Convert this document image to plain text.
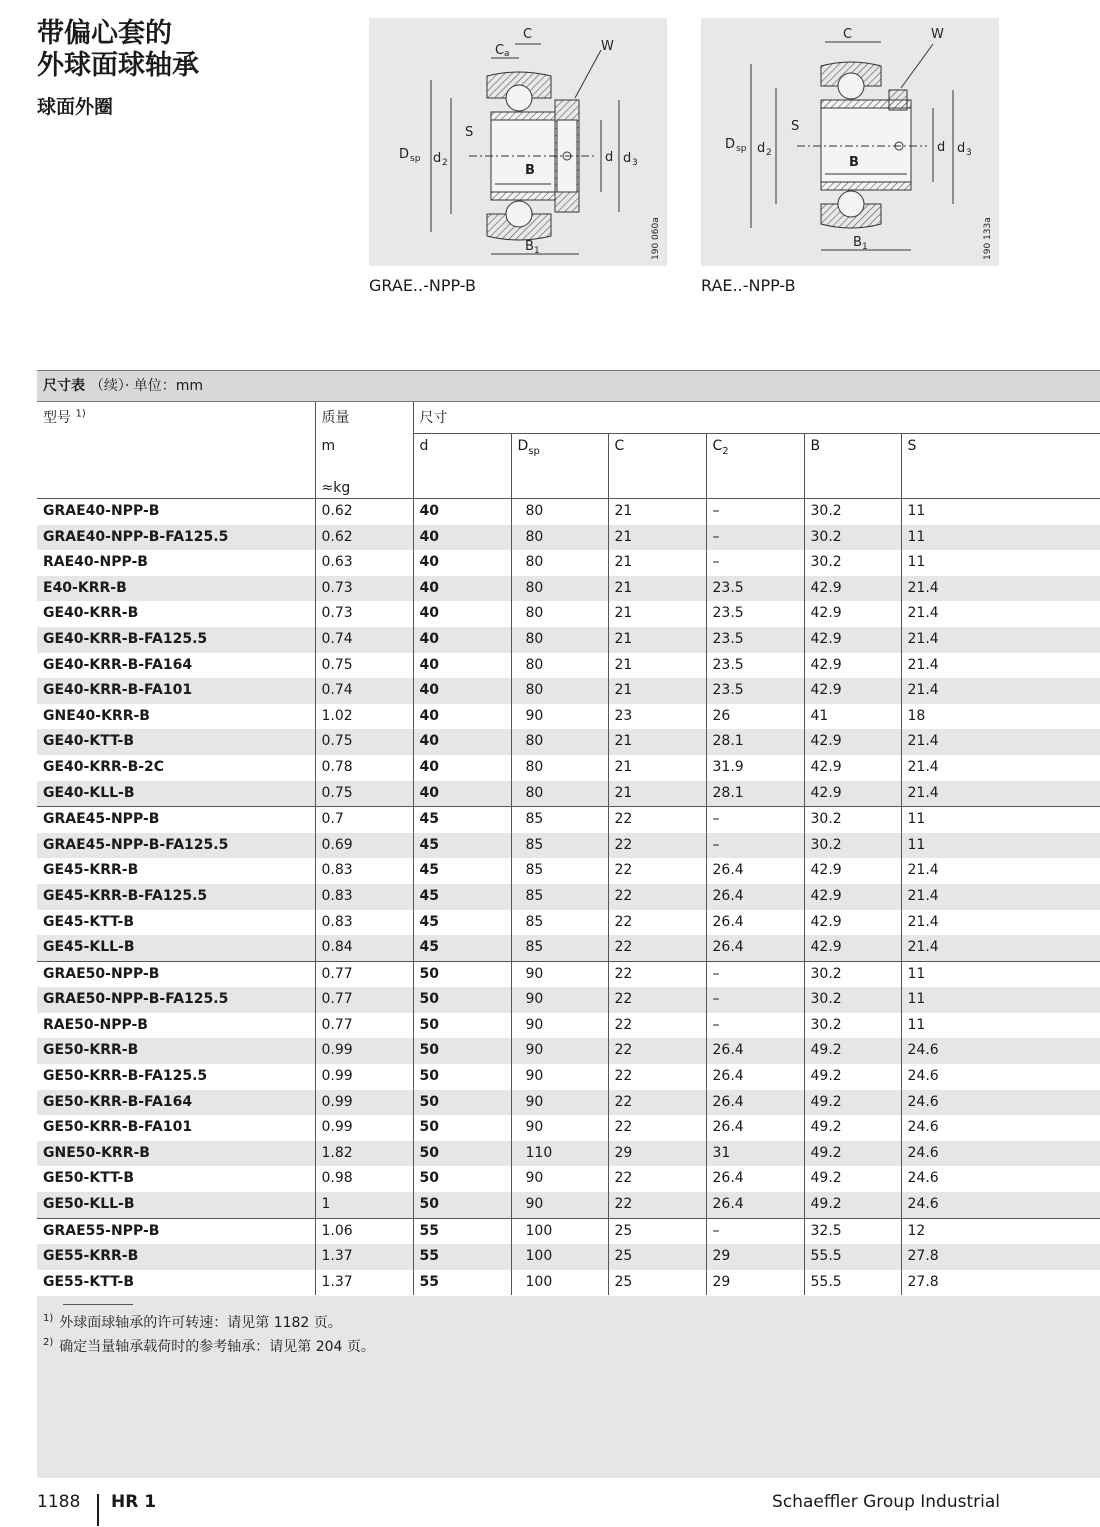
带偏心套的
外球面球轴承
球面外圈
D sp d 2	d d 3
B
B 1
C
C a	W
S
190 060a
GRAE..-NPP-B
D sp d 2	d d 3
B
B 1
C	W
S
190 133a
RAE..-NPP-B
尺寸表 （续）· 单位：mm
型号 $^{1)}$	质量	尺寸					
	m	d	$D_{sp}$	C	$C_2$	B	S
	≈kg						
GRAE40-NPP-B	0.62	40	80	21	–	30.2	11
GRAE40-NPP-B-FA125.5	0.62	40	80	21	–	30.2	11
RAE40-NPP-B	0.63	40	80	21	–	30.2	11
E40-KRR-B	0.73	40	80	21	23.5	42.9	21.4
GE40-KRR-B	0.73	40	80	21	23.5	42.9	21.4
GE40-KRR-B-FA125.5	0.74	40	80	21	23.5	42.9	21.4
GE40-KRR-B-FA164	0.75	40	80	21	23.5	42.9	21.4
GE40-KRR-B-FA101	0.74	40	80	21	23.5	42.9	21.4
GNE40-KRR-B	1.02	40	90	23	26	41	18
GE40-KTT-B	0.75	40	80	21	28.1	42.9	21.4
GE40-KRR-B-2C	0.78	40	80	21	31.9	42.9	21.4
GE40-KLL-B	0.75	40	80	21	28.1	42.9	21.4
GRAE45-NPP-B	0.7	45	85	22	–	30.2	11
GRAE45-NPP-B-FA125.5	0.69	45	85	22	–	30.2	11
GE45-KRR-B	0.83	45	85	22	26.4	42.9	21.4
GE45-KRR-B-FA125.5	0.83	45	85	22	26.4	42.9	21.4
GE45-KTT-B	0.83	45	85	22	26.4	42.9	21.4
GE45-KLL-B	0.84	45	85	22	26.4	42.9	21.4
GRAE50-NPP-B	0.77	50	90	22	–	30.2	11
GRAE50-NPP-B-FA125.5	0.77	50	90	22	–	30.2	11
RAE50-NPP-B	0.77	50	90	22	–	30.2	11
GE50-KRR-B	0.99	50	90	22	26.4	49.2	24.6
GE50-KRR-B-FA125.5	0.99	50	90	22	26.4	49.2	24.6
GE50-KRR-B-FA164	0.99	50	90	22	26.4	49.2	24.6
GE50-KRR-B-FA101	0.99	50	90	22	26.4	49.2	24.6
GNE50-KRR-B	1.82	50	110	29	31	49.2	24.6
GE50-KTT-B	0.98	50	90	22	26.4	49.2	24.6
GE50-KLL-B	1	50	90	22	26.4	49.2	24.6
GRAE55-NPP-B	1.06	55	100	25	–	32.5	12
GE55-KRR-B	1.37	55	100	25	29	55.5	27.8
GE55-KTT-B	1.37	55	100	25	29	55.5	27.8
$^{1)}$ 外球面球轴承的许可转速：请见第 1182 页。
$^{2)}$ 确定当量轴承载荷时的参考轴承：请见第 204 页。
1188 HR 1	Schaeffler Group Industrial
